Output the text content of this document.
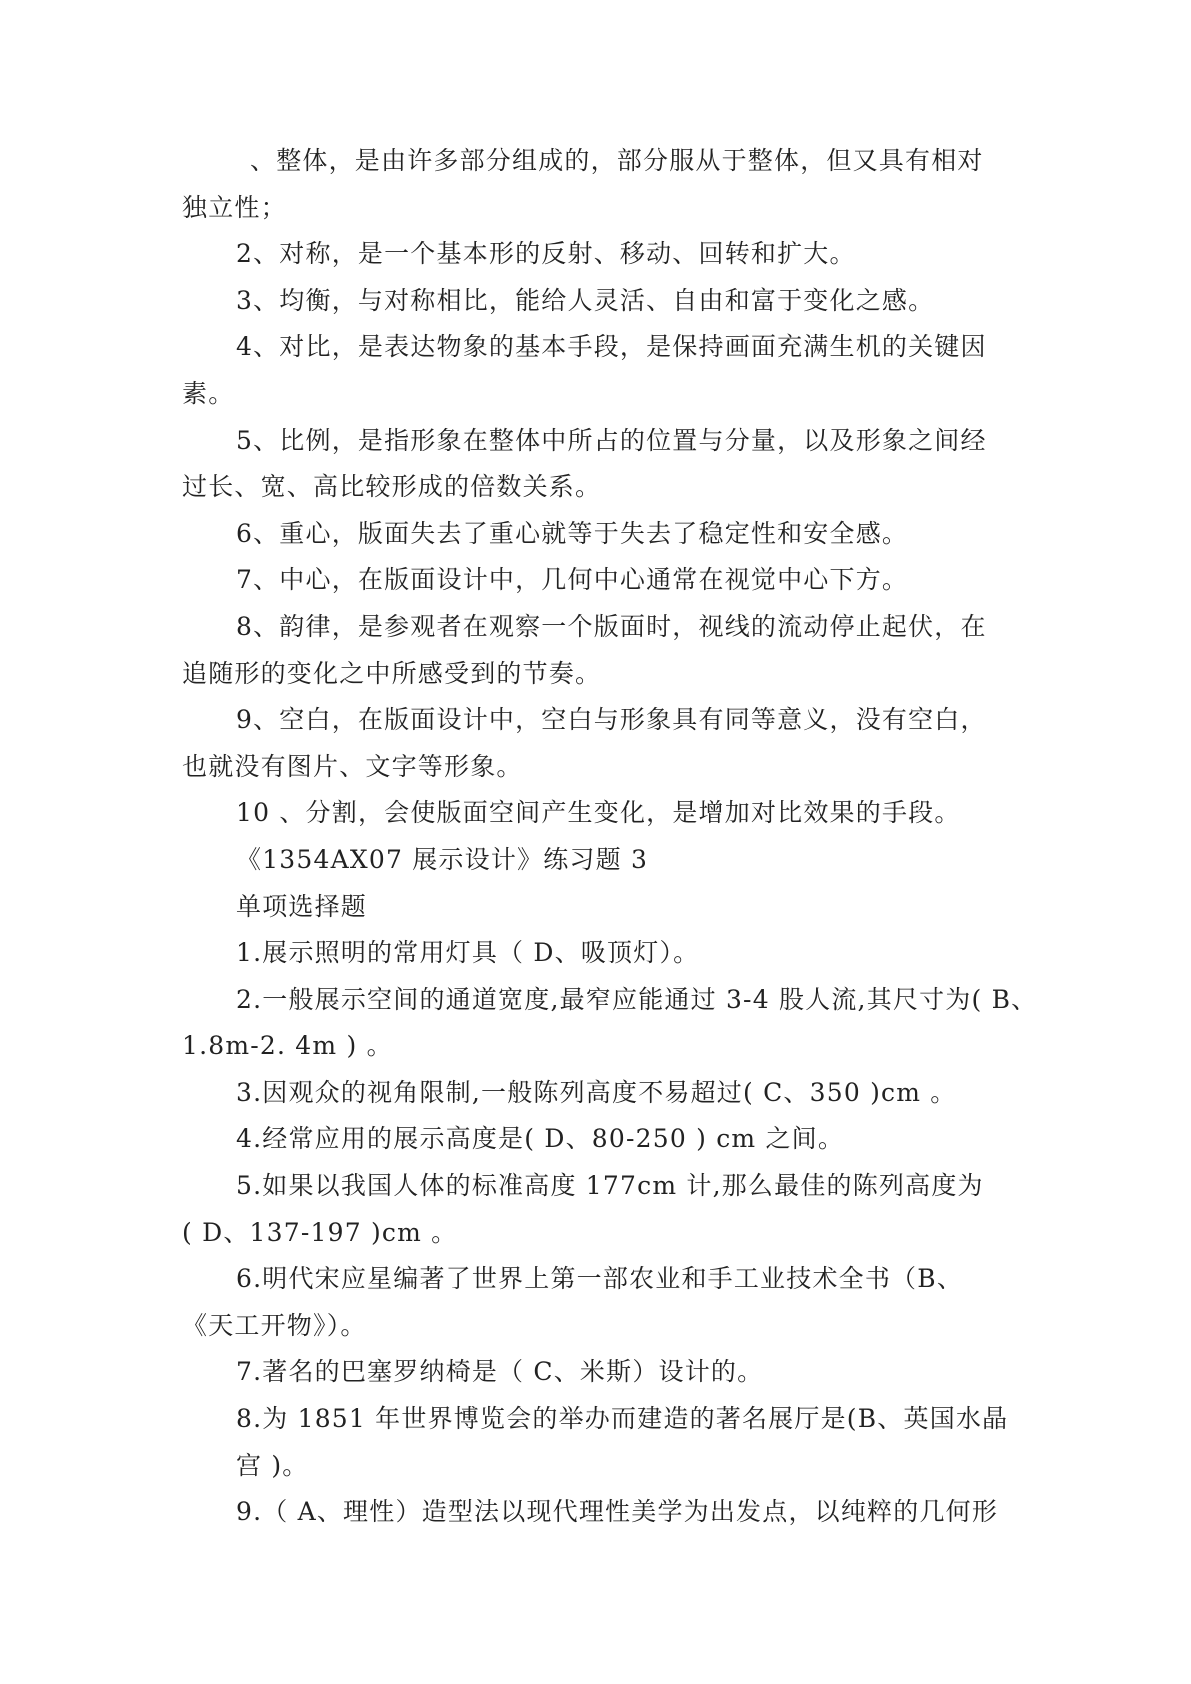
、整体，是由许多部分组成的，部分服从于整体，但又具有相对
独立性；
2、对称，是一个基本形的反射、移动、回转和扩大。
3、均衡，与对称相比，能给人灵活、自由和富于变化之感。
4、对比，是表达物象的基本手段，是保持画面充满生机的关键因
素。
5、比例，是指形象在整体中所占的位置与分量，以及形象之间经
过长、宽、高比较形成的倍数关系。
6、重心，版面失去了重心就等于失去了稳定性和安全感。
7、中心，在版面设计中，几何中心通常在视觉中心下方。
8、韵律，是参观者在观察一个版面时，视线的流动停止起伏，在
追随形的变化之中所感受到的节奏。
9、空白，在版面设计中，空白与形象具有同等意义，没有空白，
也就没有图片、文字等形象。
10 、分割，会使版面空间产生变化，是增加对比效果的手段。
《1354AX07 展示设计》练习题 3
单项选择题
1.展示照明的常用灯具（ D、吸顶灯）。
2.一般展示空间的通道宽度,最窄应能通过 3-4 股人流,其尺寸为( B、
1.8m-2. 4m ) 。
3.因观众的视角限制,一般陈列高度不易超过( C、350 )cm 。
4.经常应用的展示高度是( D、80-250 ) cm 之间。
5.如果以我国人体的标准高度 177cm 计,那么最佳的陈列高度为
( D、137-197 )cm 。
6.明代宋应星编著了世界上第一部农业和手工业技术全书（B、
《天工开物》）。
7.著名的巴塞罗纳椅是（ C、米斯）设计的。
8.为 1851 年世界博览会的举办而建造的著名展厅是(B、英国水晶
宫 )。
9.（ A、理性）造型法以现代理性美学为出发点，以纯粹的几何形
